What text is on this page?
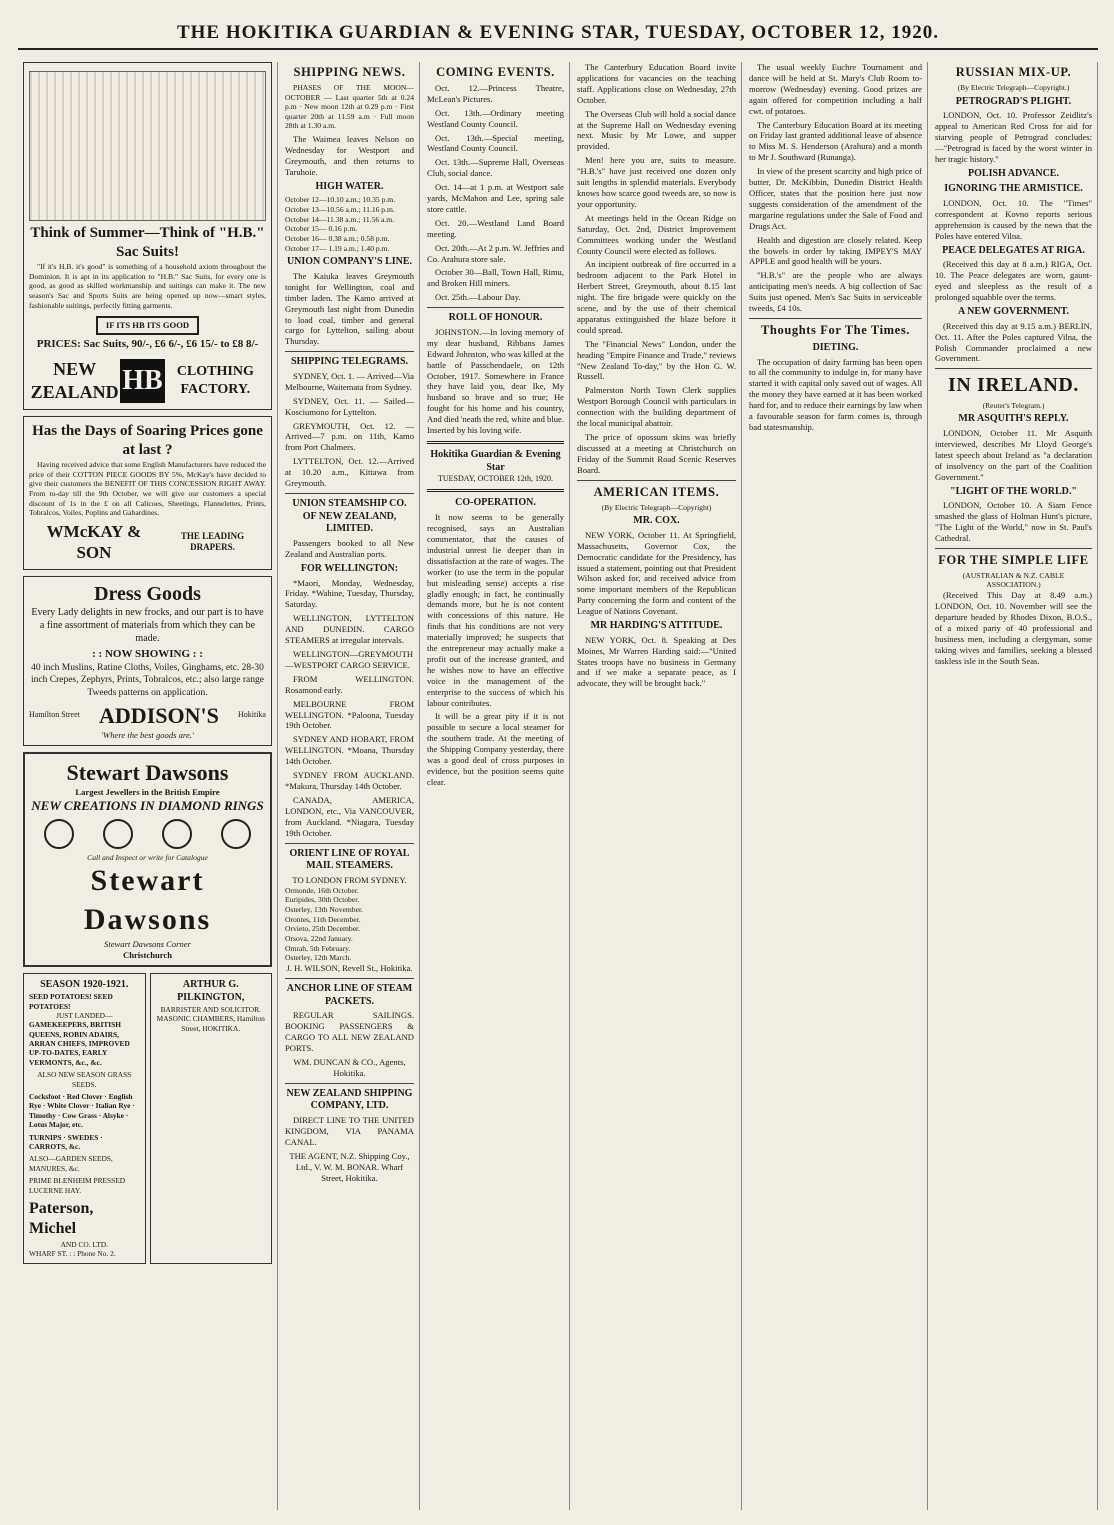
THE HOKITIKA GUARDIAN & EVENING STAR, TUESDAY, OCTOBER 12, 1920.
Think of Summer—Think of "H.B." Sac Suits!

"If it's H.B. it's good" is something of a household axiom throughout the Dominion. It is apt in its application to "H.B." Sac Suits, for every one is good, as good as skilled workmanship and suitings can make it. The new season's Sac and Sports Suits are being opened up now—smart styles, fashionable suitings, perfectly fitting garments.

IF ITS HB ITS GOOD
PRICES: Sac Suits, 90/-, £6 6/-, £6 15/- to £8 8/-
NEW ZEALAND HB	CLOTHING FACTORY.
Has the Days of Soaring Prices gone at last ?

Having received advice that some English Manufacturers have reduced the price of their COTTON PIECE GOODS BY 5%, McKay's have decided to give their customers the BENEFIT OF THIS CONCESSION RIGHT AWAY. From to-day till the 9th October, we will give our customers a special discount of 1s in the £ on all Calicoes, Sheetings, Flannelettes, Prints, Tobralcos, Voiles, Poplins and Gabardines.

WMcKAY & SON
THE LEADING DRAPERS.
Dress Goods

Every Lady delights in new frocks, and our part is to have a fine assortment of materials from which they can be made.

: : NOW SHOWING : :

40 inch Muslins, Ratine Cloths, Voiles, Ginghams, etc. 28-30 inch Crepes, Zephyrs, Prints, Tobralcos, etc.; also large range Tweeds patterns on application.

Hamilton Street ADDISON'S Hokitika
'Where the best goods are.'
Stewart Dawsons
Largest Jewellers in the British Empire
NEW CREATIONS IN DIAMOND RINGS
Call and Inspect or write for Catalogue
Stewart Dawsons
Stewart Dawsons Corner
Christchurch
SEASON 1920-1921.
SEED POTATOES! SEED POTATOES!
JUST LANDED—
GAMEKEEPERS, BRITISH QUEENS, ROBIN ADAIRS, ARRAN CHIEFS, IMPROVED UP-TO-DATES, EARLY VERMONTS, &c., &c.
ALSO NEW SEASON GRASS SEEDS.
Cocksfoot · Red Clover · English Rye · White Clover · Italian Rye · Timothy · Cow Grass · Alsyke · Lotus Major, etc.
TURNIPS · SWEDES · CARROTS, &c.
ALSO—GARDEN SEEDS, MANURES, &c.
PRIME BLENHEIM PRESSED LUCERNE HAY.
Paterson, Michel
AND CO. LTD.
WHARF ST. : : Phone No. 2.
ARTHUR G. PILKINGTON,
BARRISTER AND SOLICITOR.
MASONIC CHAMBERS, Hamilton Street, HOKITIKA.
SHIPPING NEWS.

PHASES OF THE MOON—OCTOBER — Last quarter 5th at 0.24 p.m · New moon 12th at 0.29 p.m · First quarter 20th at 11.59 a.m · Full moon 28th at 1.30 a.m.

The Waimea leaves Nelson on Wednesday for Westport and Greymouth, and then returns to Taruhoie.

HIGH WATER.
October 12—10.10 a.m.; 10.35 p.m.
October 13—10.56 a.m.; 11.16 p.m.
October 14—11.38 a.m.; 11.56 a.m.
October 15— 0.16 p.m.
October 16— 0.38 a.m.; 0.58 p.m.
October 17— 1.19 a.m.; 1.40 p.m.
UNION COMPANY'S LINE.

The Kaiuka leaves Greymouth tonight for Wellington, coal and timber laden. The Kamo arrived at Greymouth last night from Dunedin to load coal, timber and general cargo for Lyttelton, sailing about Thursday.

SHIPPING TELEGRAMS.

SYDNEY, Oct. 1. — Arrived—Via Melbourne, Waitemata from Sydney.

SYDNEY, Oct. 11. — Sailed—Kosciumono for Lyttelton.

GREYMOUTH, Oct. 12. — Arrived—7 p.m. on 11th, Kamo from Port Chalmers.

LYTTELTON, Oct. 12.—Arrived at 10.20 a.m., Kittawa from Greymouth.

UNION STEAMSHIP CO. OF NEW ZEALAND, LIMITED.

Passengers booked to all New Zealand and Australian ports.

FOR WELLINGTON:

*Maori, Monday, Wednesday, Friday. *Wahine, Tuesday, Thursday, Saturday.

WELLINGTON, LYTTELTON AND DUNEDIN. CARGO STEAMERS at irregular intervals.

WELLINGTON—GREYMOUTH—WESTPORT CARGO SERVICE.

FROM WELLINGTON. Rosamond early.

MELBOURNE FROM WELLINGTON. *Paloona, Tuesday 19th October.

SYDNEY AND HOBART, FROM WELLINGTON. *Moana, Thursday 14th October.

SYDNEY FROM AUCKLAND. *Makura, Thursday 14th October.

CANADA, AMERICA, LONDON, etc., Via VANCOUVER, from Auckland. *Niagara, Tuesday 19th October.

ORIENT LINE OF ROYAL MAIL STEAMERS.
TO LONDON FROM SYDNEY.
Ormonde, 16th October.
Euripides, 30th October.
Osterley, 13th November.
Orontes, 11th December.
Orvieto, 25th December.
Orsova, 22nd January.
Omrah, 5th February.
Osterley, 12th March.
J. H. WILSON, Revell St., Hokitika.
ANCHOR LINE OF STEAM PACKETS.

REGULAR SAILINGS. BOOKING PASSENGERS & CARGO TO ALL NEW ZEALAND PORTS.

WM. DUNCAN & CO., Agents, Hokitika.
NEW ZEALAND SHIPPING COMPANY, LTD.

DIRECT LINE TO THE UNITED KINGDOM, VIA PANAMA CANAL.

THE AGENT, N.Z. Shipping Coy., Ltd., V. W. M. BONAR. Wharf Street, Hokitika.
COMING EVENTS.

Oct. 12.—Princess Theatre, McLean's Pictures.

Oct. 13th.—Ordinary meeting Westland County Council.

Oct. 13th.—Special meeting, Westland County Council.

Oct. 13th.—Supreme Hall, Overseas Club, social dance.

Oct. 14—at 1 p.m. at Westport sale yards, McMahon and Lee, spring sale store cattle.

Oct. 20.—Westland Land Board meeting.

Oct. 20th.—At 2 p.m. W. Jeffries and Co. Arahura store sale.

October 30—Ball, Town Hall, Rimu, and Broken Hill miners.

Oct. 25th.—Labour Day.

ROLL OF HONOUR.

JOHNSTON.—In loving memory of my dear husband, Ribbans James Edward Johnston, who was killed at the battle of Passchendaele, on 12th October, 1917. Somewhere in France they have laid you, dear Ike, My husband so brave and so true; He fought for his home and his country, And died 'neath the red, white and blue. Inserted by his loving wife.

Hokitika Guardian & Evening Star
TUESDAY, OCTOBER 12th, 1920.
CO-OPERATION.

It now seems to be generally recognised, says an Australian commentator, that the causes of industrial unrest lie deeper than in dissatisfaction at the rate of wages. The worker (to use the term in the popular but misleading sense) accepts a rise gladly enough; in fact, he continually demands more, but he is not content with concessions of this nature. He finds that his conditions are not very materially improved; he suspects that the entrepreneur may actually make a profit out of the increase granted, and he wishes now to have an effective voice in the management of the enterprise to the success of which his labour contributes.

It will be a great pity if it is not possible to secure a local steamer for the southern trade. At the meeting of the Shipping Company yesterday, there was a good deal of cross purposes in evidence, but the position seems quite clear.

The Canterbury Education Board invite applications for vacancies on the teaching staff. Applications close on Wednesday, 27th October.

The Overseas Club will hold a social dance at the Supreme Hall on Wednesday evening next. Music by Mr Lowe, and supper provided.

Men! here you are, suits to measure. "H.B.'s" have just received one dozen only suit lengths in splendid materials. Everybody knows how scarce good tweeds are, so now is your opportunity.

At meetings held in the Ocean Ridge on Saturday, Oct. 2nd, District Improvement Committees working under the Westland County Council were elected as follows.

An incipient outbreak of fire occurred in a bedroom adjacent to the Park Hotel in Herbert Street, Greymouth, about 8.15 last night. The fire brigade were quickly on the scene, and by the use of their chemical apparatus extinguished the blaze before it could spread.

The "Financial News" London, under the heading "Empire Finance and Trade," reviews "New Zealand To-day," by the Hon G. W. Russell.

Palmerston North Town Clerk supplies Westport Borough Council with particulars in connection with the building department of the local municipal abattoir.

The price of opossum skins was briefly discussed at a meeting at Christchurch on Friday of the Summit Road Scenic Reserves Board.

AMERICAN ITEMS.
(By Electric Telegraph—Copyright)
MR. COX.

NEW YORK, October 11. At Springfield, Massachusetts, Governor Cox, the Democratic candidate for the Presidency, has issued a statement, pointing out that President Wilson asked for, and received advice from some important members of the Republican Party concerning the form and content of the League of Nations Covenant.

MR HARDING'S ATTITUDE.

NEW YORK, Oct. 8. Speaking at Des Moines, Mr Warren Harding said:—"United States troops have no business in Germany and if we make a separate peace, as I advocate, they will be brought back."

The usual weekly Euchre Tournament and dance will be held at St. Mary's Club Room to-morrow (Wednesday) evening. Good prizes are again offered for competition including a half cwt. of potatoes.

The Canterbury Education Board at its meeting on Friday last granted additional leave of absence to Miss M. S. Henderson (Arahura) and a month to Mr J. Southward (Runanga).

In view of the present scarcity and high price of butter, Dr. McKibbin, Dunedin District Health Officer, states that the position here just now suggests consideration of the amendment of the margarine regulations under the Sale of Food and Drugs Act.

Health and digestion are closely related. Keep the bowels in order by taking IMPEY'S MAY APPLE and good health will be yours.

"H.B.'s" are the people who are always anticipating men's needs. A big collection of Sac Suits just opened. Men's Sac Suits in serviceable tweeds, £4 10s.

Thoughts For The Times.
DIETING.

The occupation of dairy farming has been open to all the community to indulge in, for many have started it with capital only saved out of wages. All the money they have earned at it has been worked hard for, and to reduce their earnings by law when a favourable season for farm comes is, through bad statesmanship.

RUSSIAN MIX-UP.
(By Electric Telegraph—Copyright.)
PETROGRAD'S PLIGHT.

LONDON, Oct. 10. Professor Zeidlitz's appeal to American Red Cross for aid for starving people of Petrograd concludes:—"Petrograd is faced by the worst winter in her tragic history."

POLISH ADVANCE.
IGNORING THE ARMISTICE.

LONDON, Oct. 10. The "Times" correspondent at Kovno reports serious apprehension is caused by the news that the Poles have entered Vilna.

PEACE DELEGATES AT RIGA.

(Received this day at 8 a.m.) RIGA, Oct. 10. The Peace delegates are worn, gaunt-eyed and sleepless as the result of a prolonged squabble over the terms.

A NEW GOVERNMENT.

(Received this day at 9.15 a.m.) BERLIN, Oct. 11. After the Poles captured Vilna, the Polish Commander proclaimed a new Government.

IN IRELAND.
(Reuter's Telegram.)
MR ASQUITH'S REPLY.

LONDON, October 11. Mr Asquith interviewed, describes Mr Lloyd George's latest speech about Ireland as "a declaration of insolvency on the part of the Coalition Government."

"LIGHT OF THE WORLD."

LONDON, October 10. A Siam Fence smashed the glass of Holman Hunt's picture, "The Light of the World," now in St. Paul's Cathedral.

FOR THE SIMPLE LIFE
(AUSTRALIAN & N.Z. CABLE ASSOCIATION.)

(Received This Day at 8.49 a.m.) LONDON, Oct. 10. November will see the departure headed by Rhodes Dixon, B.O.S., of a mixed party of 40 professional and business men, including a clergyman, some taking wives and families, seeking a blessed taskless isle in the South Seas.
